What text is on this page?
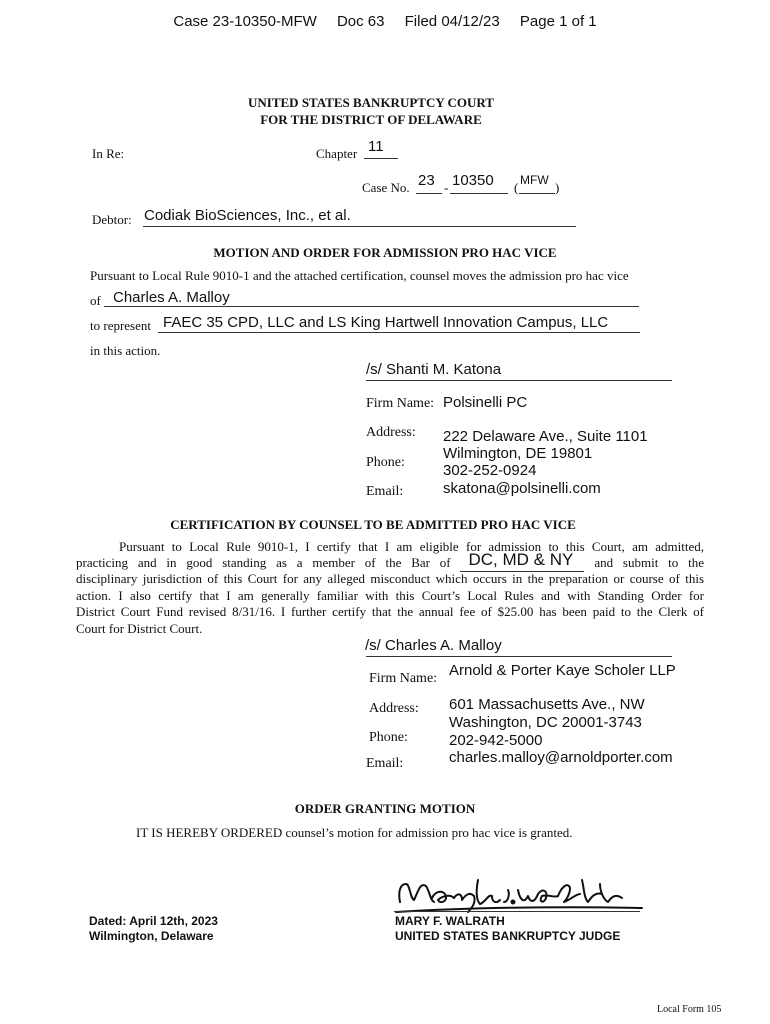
Case 23-10350-MFW Doc 63 Filed 04/12/23 Page 1 of 1
UNITED STATES BANKRUPTCY COURT
FOR THE DISTRICT OF DELAWARE
In Re:	Chapter 11
Case No. 23 - 10350 ( MFW )
Debtor: Codiak BioSciences, Inc., et al.
MOTION AND ORDER FOR ADMISSION PRO HAC VICE
Pursuant to Local Rule 9010-1 and the attached certification, counsel moves the admission pro hac vice
of Charles A. Malloy
to represent FAEC 35 CPD, LLC and LS King Hartwell Innovation Campus, LLC
in this action.
/s/ Shanti M. Katona
Firm Name: Polsinelli PC
Address:
Phone:
Email:
222 Delaware Ave., Suite 1101
Wilmington, DE 19801
302-252-0924
skatona@polsinelli.com
CERTIFICATION BY COUNSEL TO BE ADMITTED PRO HAC VICE
Pursuant to Local Rule 9010-1, I certify that I am eligible for admission to this Court, am admitted,
practicing and in good standing as a member of the Bar of DC, MD & NY and submit to the
disciplinary jurisdiction of this Court for any alleged misconduct which occurs in the preparation or course of this
action. I also certify that I am generally familiar with this Court’s Local Rules and with Standing Order for
District Court Fund revised 8/31/16. I further certify that the annual fee of $25.00 has been paid to the Clerk of
Court for District Court.
/s/ Charles A. Malloy
Firm Name: Arnold & Porter Kaye Scholer LLP
Address:
Phone:
Email:
601 Massachusetts Ave., NW
Washington, DC 20001-3743
202-942-5000
charles.malloy@arnoldporter.com
ORDER GRANTING MOTION
IT IS HEREBY ORDERED counsel’s motion for admission pro hac vice is granted.
Dated: April 12th, 2023
Wilmington, Delaware
MARY F. WALRATH
UNITED STATES BANKRUPTCY JUDGE
Local Form 105
